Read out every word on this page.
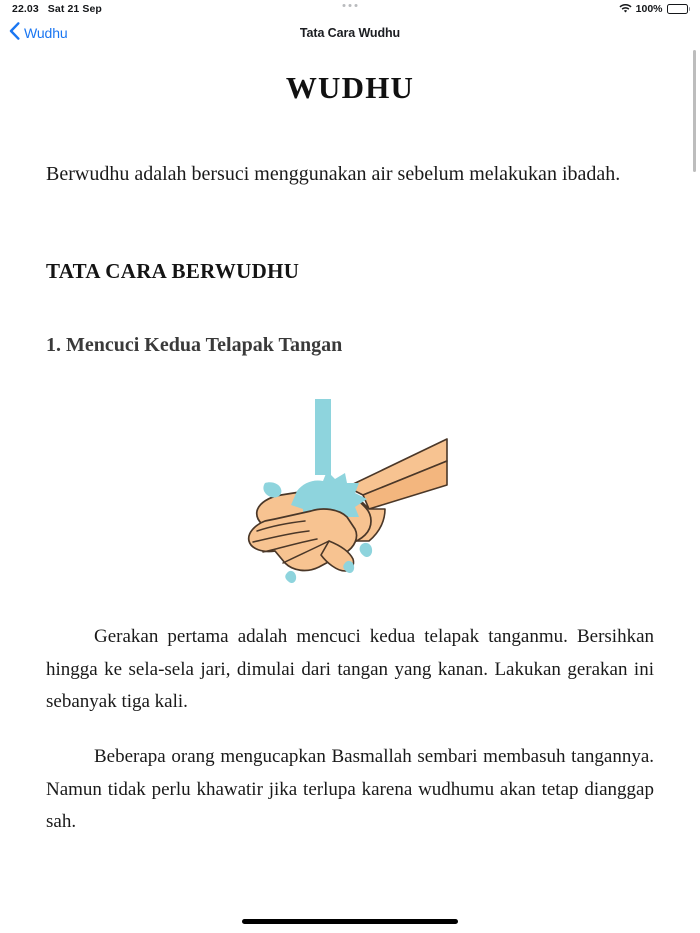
22.03 Sat 21 Sep	100%
Wudhu	Tata Cara Wudhu
WUDHU

Berwudhu adalah bersuci menggunakan air sebelum melakukan ibadah.

TATA CARA BERWUDHU
1. Mencuci Kedua Telapak Tangan

Gerakan pertama adalah mencuci kedua telapak tanganmu. Bersihkan hingga ke sela-sela jari, dimulai dari tangan yang kanan. Lakukan gerakan ini sebanyak tiga kali.

Beberapa orang mengucapkan Basmallah sembari membasuh tangannya. Namun tidak perlu khawatir jika terlupa karena wudhumu akan tetap dianggap sah.
